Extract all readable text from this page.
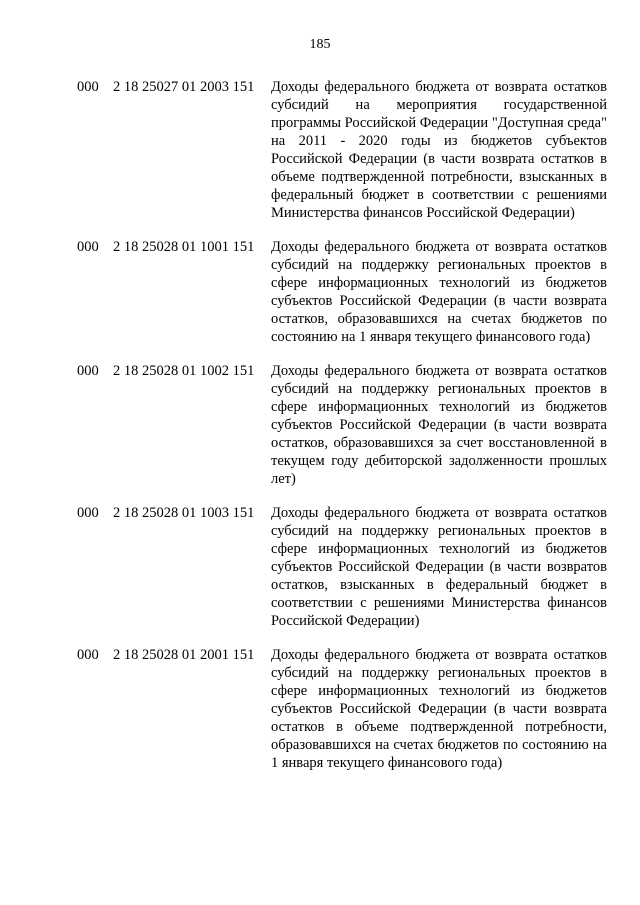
185
000 2 18 25027 01 2003 151 Доходы федерального бюджета от возврата остатков субсидий на мероприятия государственной программы Российской Федерации "Доступная среда" на 2011 - 2020 годы из бюджетов субъектов Российской Федерации (в части возврата остатков в объеме подтвержденной потребности, взысканных в федеральный бюджет в соответствии с решениями Министерства финансов Российской Федерации)
000 2 18 25028 01 1001 151 Доходы федерального бюджета от возврата остатков субсидий на поддержку региональных проектов в сфере информационных технологий из бюджетов субъектов Российской Федерации (в части возврата остатков, образовавшихся на счетах бюджетов по состоянию на 1 января текущего финансового года)
000 2 18 25028 01 1002 151 Доходы федерального бюджета от возврата остатков субсидий на поддержку региональных проектов в сфере информационных технологий из бюджетов субъектов Российской Федерации (в части возврата остатков, образовавшихся за счет восстановленной в текущем году дебиторской задолженности прошлых лет)
000 2 18 25028 01 1003 151 Доходы федерального бюджета от возврата остатков субсидий на поддержку региональных проектов в сфере информационных технологий из бюджетов субъектов Российской Федерации (в части возвратов остатков, взысканных в федеральный бюджет в соответствии с решениями Министерства финансов Российской Федерации)
000 2 18 25028 01 2001 151 Доходы федерального бюджета от возврата остатков субсидий на поддержку региональных проектов в сфере информационных технологий из бюджетов субъектов Российской Федерации (в части возврата остатков в объеме подтвержденной потребности, образовавшихся на счетах бюджетов по состоянию на 1 января текущего финансового года)
